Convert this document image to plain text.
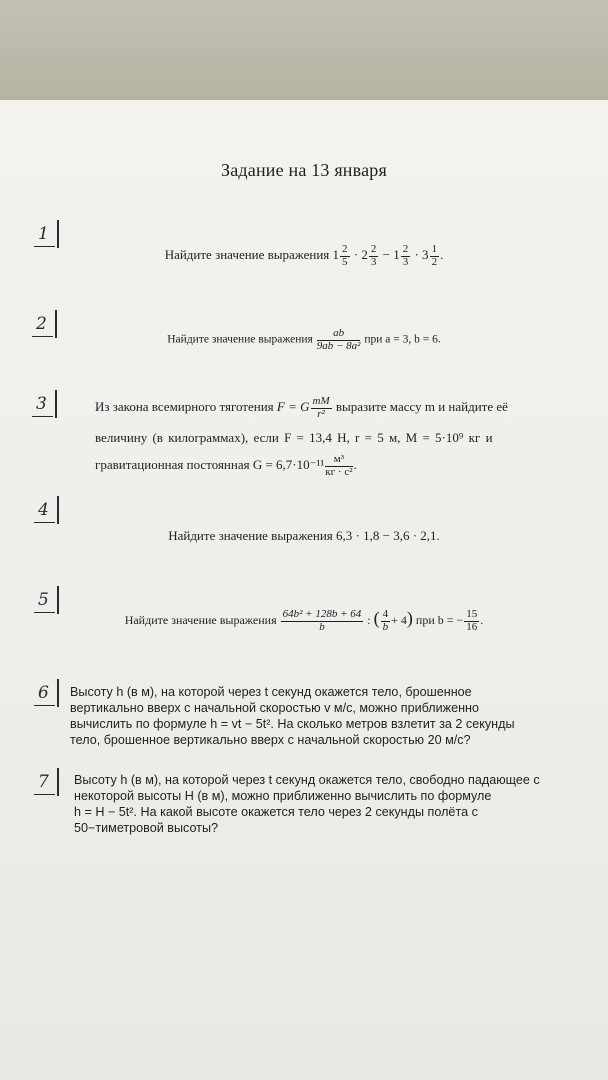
Задание на 13 января
1
2
3
4
5
6
7
Найдите значение выражения $1 \frac{2}{5} \cdot 2 \frac{2}{3} - 1 \frac{2}{3} \cdot 3 \frac{1}{2}$ .
Найдите значение выражения $\frac{ab}{\text{9ab − 8a²}}$ при a = 3, b = 6.
Из закона всемирного тяготения F = G $\frac{mM}{\text{r²}}$ выразите массу m и найдите её
величину (в килограммах), если F = 13,4 Н, r = 5 м, M = 5·10⁹ кг и
гравитационная постоянная $G = 6,7\cdot 10^{-11} \frac{\text{м³}}{\text{кг · с²}}$ .
Найдите значение выражения 6,3 · 1,8 − 3,6 · 2,1.
Найдите значение выражения $\frac{\text{64b² + 128b + 64}}{b}$ : ( $\frac{4}{b} + 4$) при b = − $\frac{15}{16}$ .
Высоту h (в м), на которой через t секунд окажется тело, брошенное
вертикально вверх с начальной скоростью v м/с, можно приближенно
вычислить по формуле h = vt − 5t². На сколько метров взлетит за 2 секунды
тело, брошенное вертикально вверх с начальной скоростью 20 м/с?
Высоту h (в м), на которой через t секунд окажется тело, свободно падающее с
некоторой высоты H (в м), можно приближенно вычислить по формуле
h = H − 5t². На какой высоте окажется тело через 2 секунды полёта с
50−тиметровой высоты?
